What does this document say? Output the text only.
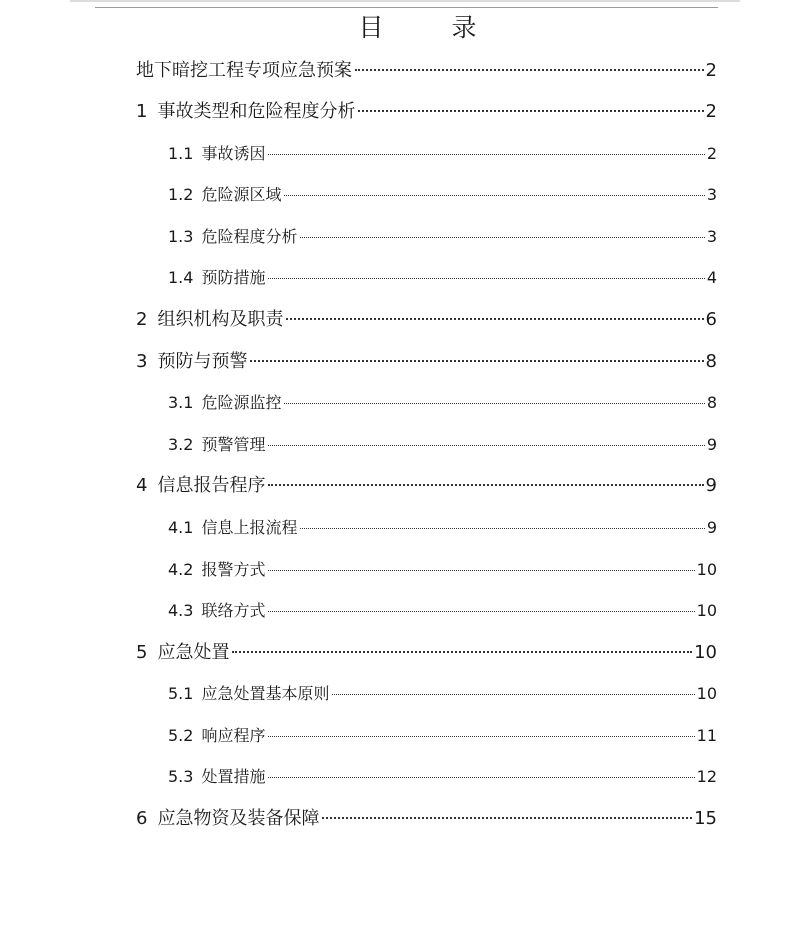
目 录
地下暗挖工程专项应急预案	2
1 事故类型和危险程度分析	2
1.1 事故诱因	2
1.2 危险源区域	3
1.3 危险程度分析	3
1.4 预防措施	4
2 组织机构及职责	6
3 预防与预警	8
3.1 危险源监控	8
3.2 预警管理	9
4 信息报告程序	9
4.1 信息上报流程	9
4.2 报警方式	10
4.3 联络方式	10
5 应急处置	10
5.1 应急处置基本原则	10
5.2 响应程序	11
5.3 处置措施	12
6 应急物资及装备保障	15
